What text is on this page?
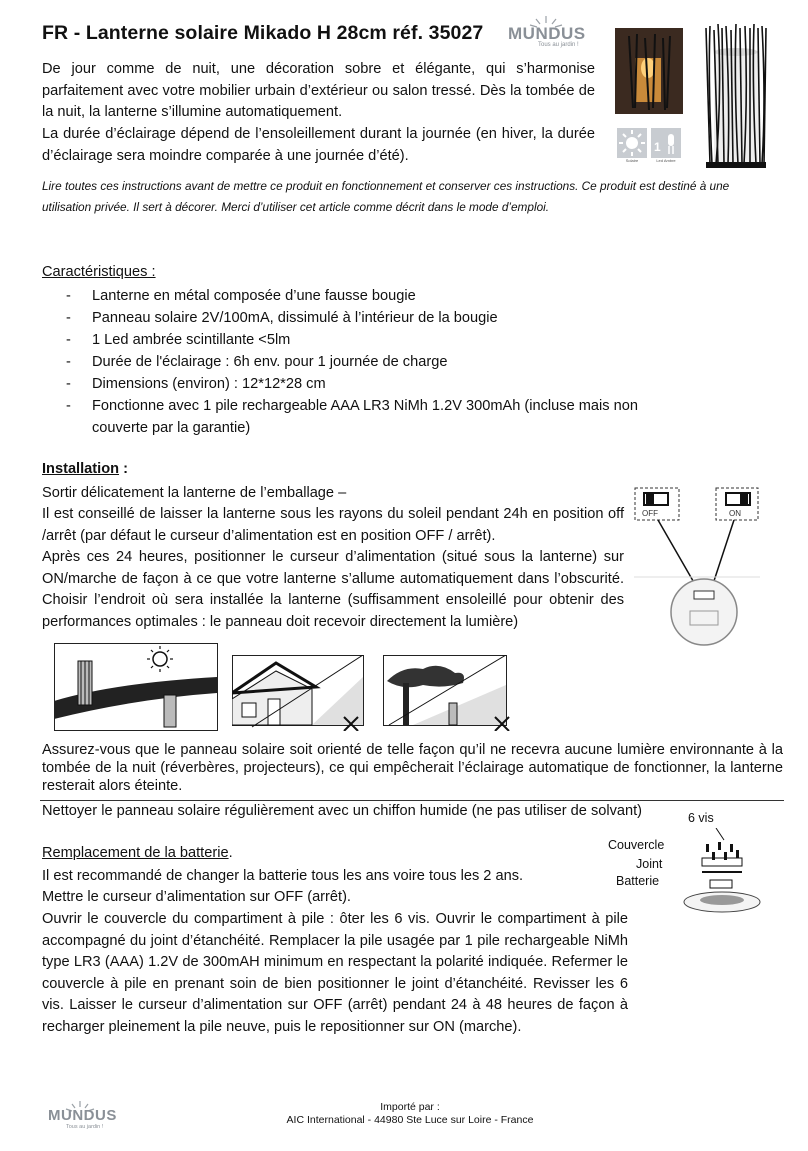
FR - Lanterne solaire Mikado H 28cm réf. 35027 MUNDUS
Tous au jardin !
Solaire
1
Led Ambre
De jour comme de nuit, une décoration sobre et élégante, qui s’harmonise parfaitement avec votre mobilier urbain d’extérieur ou salon tressé. Dès la tombée de la nuit, la lanterne s’illumine automatiquement.
La durée d’éclairage dépend de l’ensoleillement durant la journée (en hiver, la durée d’éclairage sera moindre comparée à une journée d’été).
Lire toutes ces instructions avant de mettre ce produit en fonctionnement et conserver ces instructions. Ce produit est destiné à une utilisation privée. Il sert à décorer. Merci d’utiliser cet article comme décrit dans le mode d’emploi.
Caractéristiques :
- Lanterne en métal composée d’une fausse bougie
- Panneau solaire 2V/100mA, dissimulé à l’intérieur de la bougie
- 1 Led ambrée scintillante <5lm
- Durée de l'éclairage : 6h env. pour 1 journée de charge
- Dimensions (environ) : 12*12*28 cm
- Fonctionne avec 1 pile rechargeable AAA LR3 NiMh 1.2V 300mAh (incluse mais non couverte par la garantie)
Installation :
Sortir délicatement la lanterne de l’emballage –
Il est conseillé de laisser la lanterne sous les rayons du soleil pendant 24h en position off /arrêt (par défaut le curseur d’alimentation est en position OFF / arrêt).
Après ces 24 heures, positionner le curseur d’alimentation (situé sous la lanterne) sur ON/marche de façon à ce que votre lanterne s’allume automatiquement dans l’obscurité. Choisir l’endroit où sera installée la lanterne (suffisamment ensoleillé pour obtenir des performances optimales : le panneau doit recevoir directement la lumière)
OFF	ON
Assurez-vous que le panneau solaire soit orienté de telle façon qu’il ne recevra aucune lumière environnante à la tombée de la nuit (réverbères, projecteurs), ce qui empêcherait l’éclairage automatique de fonctionner, la lanterne resterait alors éteinte.
Nettoyer le panneau solaire régulièrement avec un chiffon humide (ne pas utiliser de solvant)
Remplacement de la batterie.
Il est recommandé de changer la batterie tous les ans voire tous les 2 ans.
Mettre le curseur d’alimentation sur OFF (arrêt).
Ouvrir le couvercle du compartiment à pile : ôter les 6 vis. Ouvrir le compartiment à pile accompagné du joint d’étanchéité. Remplacer la pile usagée par 1 pile rechargeable NiMh type LR3 (AAA) 1.2V de 300mAH minimum en respectant la polarité indiquée. Refermer le couvercle à pile en prenant soin de bien positionner le joint d’étanchéité. Revisser les 6 vis. Laisser le curseur d’alimentation sur OFF (arrêt) pendant 24 à 48 heures de façon à recharger pleinement la pile neuve, puis le repositionner sur ON (marche).
6 vis
Couvercle
Joint
Batterie
Importé par :
AIC International - 44980 Ste Luce sur Loire - France
MUNDUS
Tous au jardin !
